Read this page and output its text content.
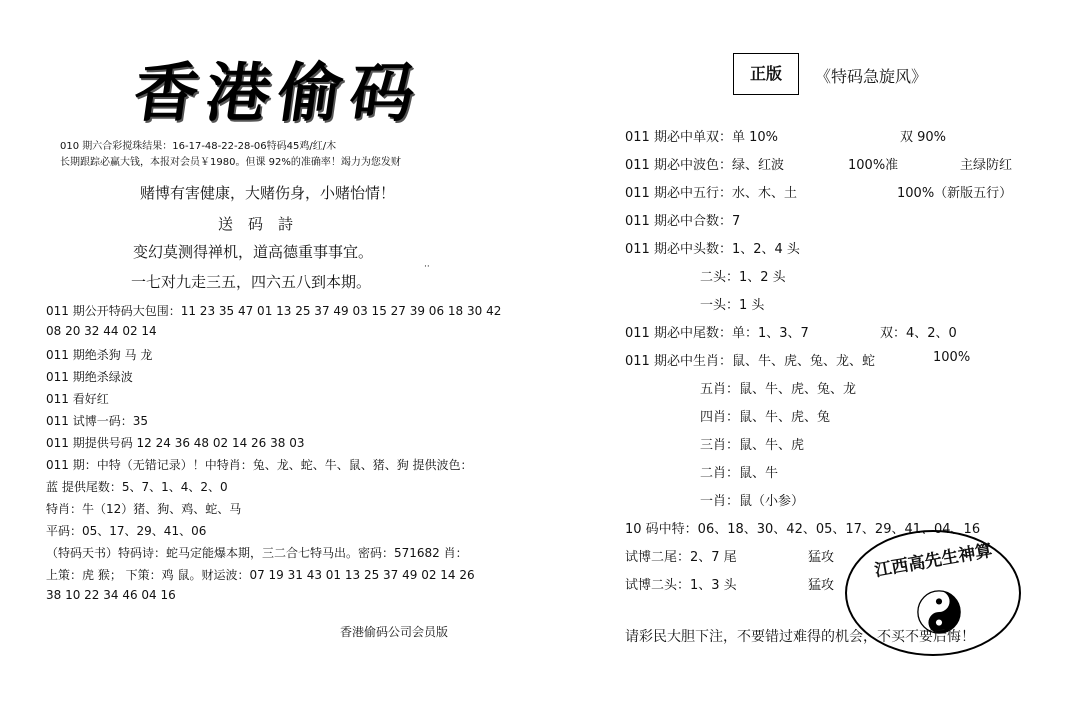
香港偷码
010 期六合彩搅珠结果：16-17-48-22-28-06特码45鸡/红/木
长期跟踪必赢大钱，本报对会员￥1980。但课 92%的准确率！竭力为您发财
赌博有害健康，大赌伤身，小赌怡情！
送　码　詩
变幻莫测得禅机，道高德重事事宜。
一七对九走三五，四六五八到本期。
··
011 期公开特码大包围：11 23 35 47 01 13 25 37 49 03 15 27 39 06 18 30 42
08 20 32 44 02 14
011 期绝杀狗 马 龙
011 期绝杀绿波
011 看好红
011 试博一码：35
011 期提供号码 12 24 36 48 02 14 26 38 03
011 期：中特（无错记录）！中特肖：兔、龙、蛇、牛、鼠、猪、狗 提供波色：
蓝 提供尾数：5、7、1、4、2、0
特肖：牛（12）猪、狗、鸡、蛇、马
平码：05、17、29、41、06
（特码天书）特码诗：蛇马定能爆本期，三二合七特马出。密码：571682 肖：
上策：虎 猴； 下策：鸡 鼠。财运波：07 19 31 43 01 13 25 37 49 02 14 26
38 10 22 34 46 04 16
香港偷码公司会员版
正版	《特码急旋风》
011 期必中单双：单 10%	双 90%
011 期必中波色：绿、红波	100%准	主绿防红
011 期必中五行：水、木、土	100%（新版五行）
011 期必中合数：7
011 期必中头数：1、2、4 头
二头：1、2 头
一头：1 头
011 期必中尾数：单：1、3、7	双：4、2、0
011 期必中生肖：鼠、牛、虎、兔、龙、蛇	100%
五肖：鼠、牛、虎、兔、龙
四肖：鼠、牛、虎、兔
三肖：鼠、牛、虎
二肖：鼠、牛
一肖：鼠（小参）
10 码中特：06、18、30、42、05、17、29、41、04、16
试博二尾：2、7 尾	猛攻
试博二头：1、3 头	猛攻
江西高先生神算
请彩民大胆下注，不要错过难得的机会，不买不要后悔！
